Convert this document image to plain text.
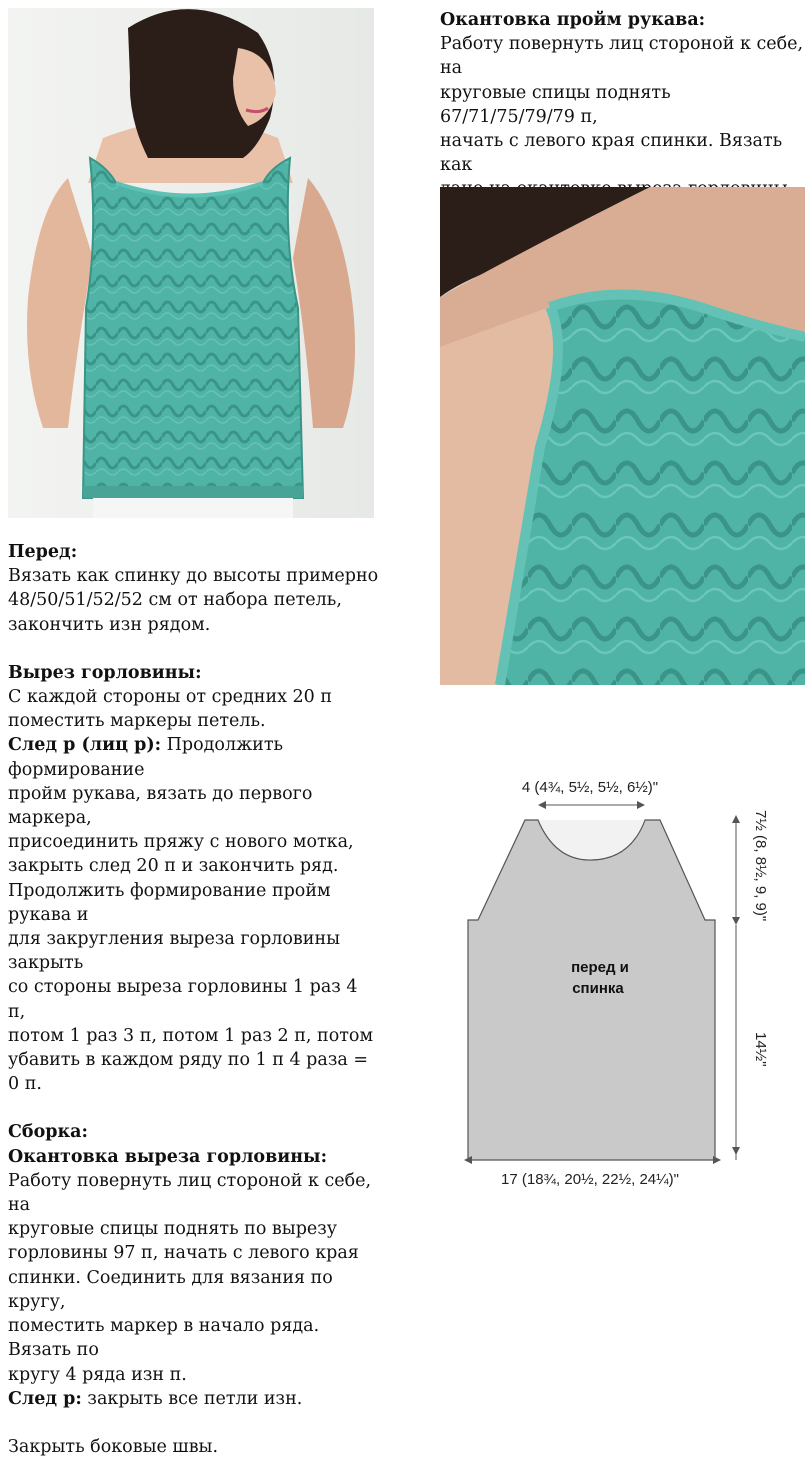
Окантовка пройм рукава:

Работу повернуть лиц стороной к себе, на

круговые спицы поднять 67/71/75/79/79 п,

начать с левого края спинки. Вязать как

Перед:

Вязать как спинку до высоты примерно

48/50/51/52/52 см от набора петель,

закончить изн рядом.

Вырез горловины:

С каждой стороны от средних 20 п

поместить маркеры петель.

След р (лиц р): Продолжить формирование

пройм рукава, вязать до первого маркера,

присоединить пряжу с нового мотка,

закрыть след 20 п и закончить ряд.

Продолжить формирование пройм рукава и

для закругления выреза горловины закрыть

со стороны выреза горловины 1 раз 4 п,

потом 1 раз 3 п, потом 1 раз 2 п, потом

убавить в каждом ряду по 1 п 4 раза = 0 п.

Сборка:

Окантовка выреза горловины:

Работу повернуть лиц стороной к себе, на

круговые спицы поднять по вырезу

горловины 97 п, начать с левого края

спинки. Соединить для вязания по кругу,

поместить маркер в начало ряда. Вязать по

кругу 4 ряда изн п.

След р: закрыть все петли изн.

Закрыть боковые швы.

4 (4¾, 5½, 5½, 6½)"
перед и
спинка
7½ (8, 8½, 9, 9)"
14½"
17 (18¾, 20½, 22½, 24¼)"
